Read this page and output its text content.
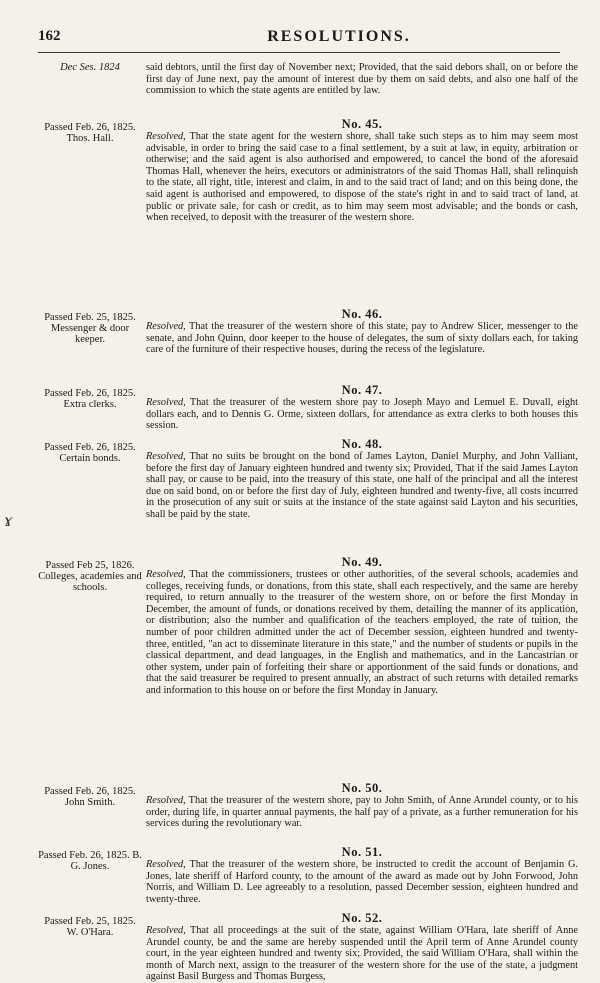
162	RESOLUTIONS.
ɤ
Dec Ses. 1824	said debtors, until the first day of November next; Provided, that the said debors shall, on or before the first day of June next, pay the amount of interest due by them on said debts, and also one half of the commission to which the state agents are entitled by law.

Passed Feb. 26, 1825. Thos. Hall.

No. 45.

Resolved, That the state agent for the western shore, shall take such steps as to him may seem most advisable, in order to bring the said case to a final settlement, by a suit at law, in equity, arbitration or otherwise; and the said agent is also authorised and empowered, to cancel the bond of the aforesaid Thomas Hall, whenever the heirs, executors or administrators of the said Thomas Hall, shall relinquish to the state, all right, title, interest and claim, in and to the said tract of land; and on this being done, the said agent is authorised and empowered, to dispose of the state's right in and to said tract of land, at public or private sale, for cash or credit, as to him may seem most advisable; and the bonds or cash, when received, to deposit with the treasurer of the western shore.

Passed Feb. 25, 1825. Messenger & door keeper.

No. 46.

Resolved, That the treasurer of the western shore of this state, pay to Andrew Slicer, messenger to the senate, and John Quinn, door keeper to the house of delegates, the sum of sixty dollars each, for taking care of the furniture of their respective houses, during the recess of the legislature.

Passed Feb. 26, 1825. Extra clerks.

No. 47.

Resolved, That the treasurer of the western shore pay to Joseph Mayo and Lemuel E. Duvall, eight dollars each, and to Dennis G. Orme, sixteen dollars, for attendance as extra clerks to both houses this session.

Passed Feb. 26, 1825. Certain bonds.

No. 48.

Resolved, That no suits be brought on the bond of James Layton, Daniel Murphy, and John Valliant, before the first day of January eighteen hundred and twenty six; Provided, That if the said James Layton shall pay, or cause to be paid, into the treasury of this state, one half of the principal and all the interest due on said bond, on or before the first day of July, eighteen hundred and twenty-five, all costs incurred in the prosecution of any suit or suits at the instance of the state against said Layton and his securities, shall be paid by the state.

Passed Feb 25, 1826. Colleges, academies and schools.

No. 49.

Resolved, That the commissioners, trustees or other authorities, of the several schools, academies and colleges, receiving funds, or donations, from this state, shall each respectively, and the same are hereby required, to return annually to the treasurer of the western shore, on or before the first Monday in December, the amount of funds, or donations received by them, detailing the manner of its application, or distribution; also the number and qualification of the teachers employed, the rate of tuition, the number of poor children admitted under the act of December session, eighteen hundred and twenty-three, entitled, "an act to disseminate literature in this state," and the number of students or pupils in the classical department, and dead languages, in the English and mathematics, and in the Lancastrian or other system, under pain of forfeiting their share or apportionment of the said funds or donations, and that the said treasurer be required to present annually, an abstract of such returns with detailed remarks and information to this house on or before the first Monday in January.

Passed Feb. 26, 1825. John Smith.

No. 50.

Resolved, That the treasurer of the western shore, pay to John Smith, of Anne Arundel county, or to his order, during life, in quarter annual payments, the half pay of a private, as a further remuneration for his services during the revolutionary war.

Passed Feb. 26, 1825. B. G. Jones.

No. 51.

Resolved, That the treasurer of the western shore, be instructed to credit the account of Benjamin G. Jones, late sheriff of Harford county, to the amount of the award as made out by John Forwood, John Norris, and William D. Lee agreeably to a resolution, passed December session, eighteen hundred and twenty-three.

Passed Feb. 25, 1825. W. O'Hara.

No. 52.

Resolved, That all proceedings at the suit of the state, against William O'Hara, late sheriff of Anne Arundel county, be and the same are hereby suspended until the April term of Anne Arundel county court, in the year eighteen hundred and twenty six; Provided, the said William O'Hara, shall within the month of March next, assign to the treasurer of the western shore for the use of the state, a judgment against Basil Burgess and Thomas Burgess,
